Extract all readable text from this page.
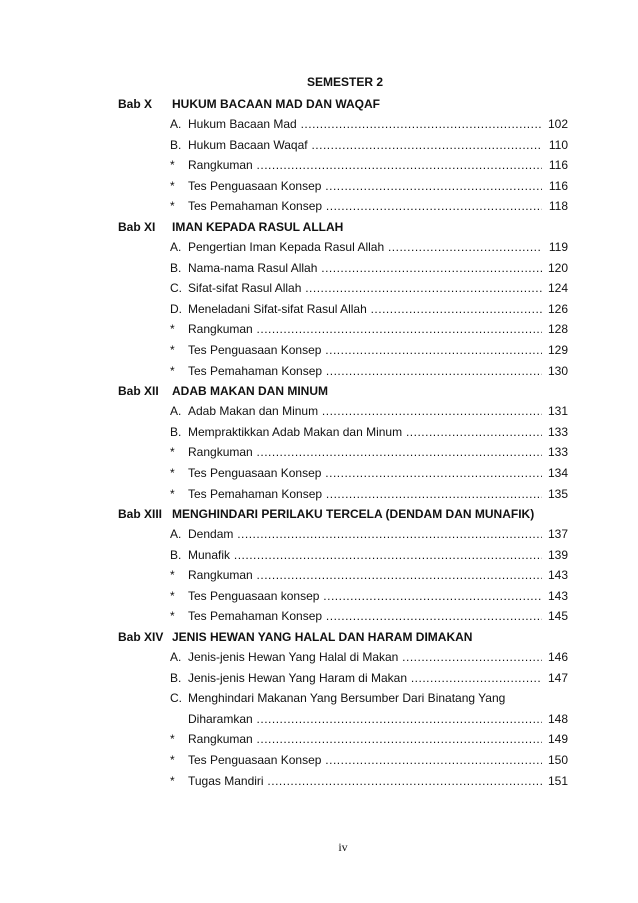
SEMESTER 2
Bab X	HUKUM BACAAN MAD DAN WAQAF
A. Hukum Bacaan Mad .....	102
B. Hukum Bacaan Waqaf .....	110
*	Rangkuman .....	116
*	Tes Penguasaan Konsep .....	116
*	Tes Pemahaman Konsep .....	118
Bab XI	IMAN KEPADA RASUL ALLAH
A. Pengertian Iman Kepada Rasul Allah .....	119
B. Nama-nama Rasul Allah .....	120
C. Sifat-sifat Rasul Allah .....	124
D. Meneladani Sifat-sifat Rasul Allah .....	126
*	Rangkuman .....	128
*	Tes Penguasaan Konsep .....	129
*	Tes Pemahaman Konsep .....	130
Bab XII	ADAB MAKAN DAN MINUM
A. Adab Makan dan Minum .....	131
B. Mempraktikkan Adab Makan dan Minum .....	133
*	Rangkuman .....	133
*	Tes Penguasaan Konsep .....	134
*	Tes Pemahaman Konsep .....	135
Bab XIII MENGHINDARI PERILAKU TERCELA (DENDAM DAN MUNAFIK)
A. Dendam .....	137
B. Munafik .....	139
*	Rangkuman .....	143
*	Tes Penguasaan konsep .....	143
*	Tes Pemahaman Konsep .....	145
Bab XIV JENIS HEWAN YANG HALAL DAN HARAM DIMAKAN
A. Jenis-jenis Hewan Yang Halal di Makan .....	146
B. Jenis-jenis Hewan Yang Haram di Makan .....	147
C. Menghindari Makanan Yang Bersumber Dari Binatang Yang
Diharamkan .....	148
*	Rangkuman .....	149
*	Tes Penguasaan Konsep .....	150
*	Tugas Mandiri .....	151
iv
